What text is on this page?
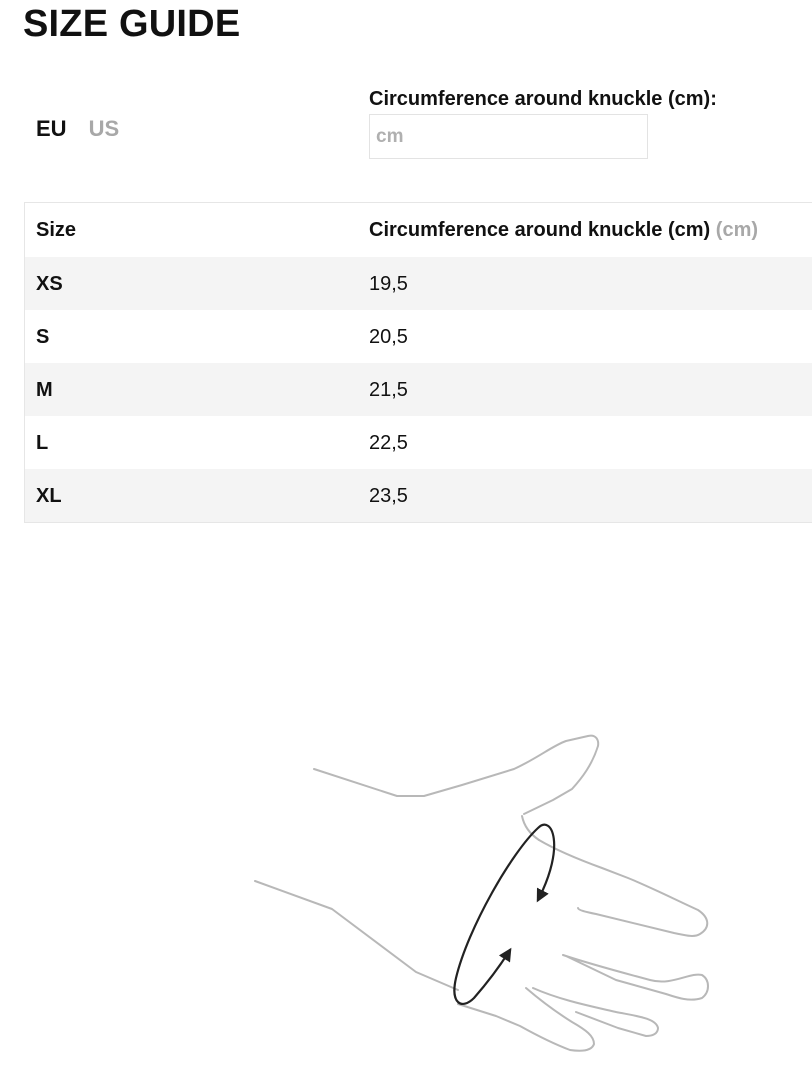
SIZE GUIDE
EU US
Circumference around knuckle (cm):
cm
Size	Circumference around knuckle (cm) (cm)
XS	19,5
S	20,5
M	21,5
L	22,5
XL	23,5
